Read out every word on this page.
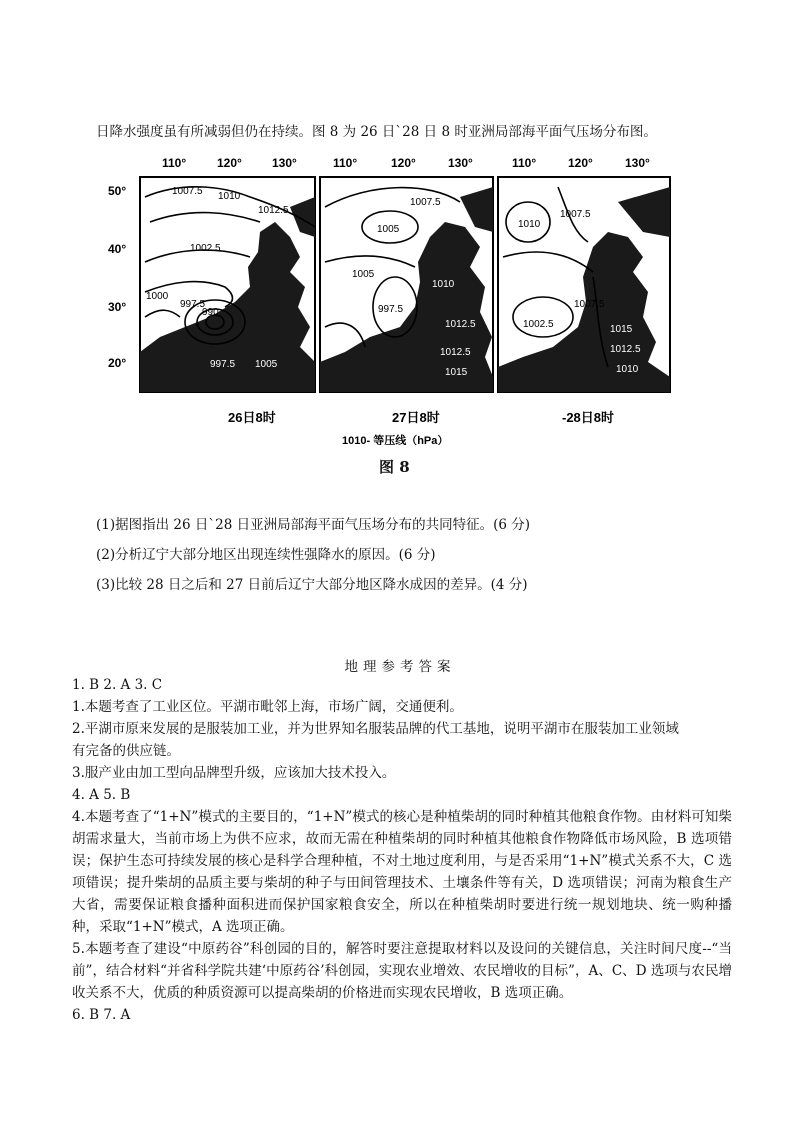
日降水强度虽有所减弱但仍在持续。图 8 为 26 日`28 日 8 时亚洲局部海平面气压场分布图。
110°	120°	130°	110°	120°	130°	110°	120°	130°
50°
40°
30°
20°
1007.5 1010
1012.5
1002.5
1000
997.5
990
997.5 1005
26日8时
1007.5
1005
1005
997.5
1010
1012.5
1012.5
1015
27日8时
1010- 等压线（hPa）
1010
1007.5
1002.5
1007.5
1015
1012.5
1010
-28日8时
图 8
(1)据图指出 26 日`28 日亚洲局部海平面气压场分布的共同特征。(6 分)
(2)分析辽宁大部分地区出现连续性强降水的原因。(6 分)
(3)比较 28 日之后和 27 日前后辽宁大部分地区降水成因的差异。(4 分)
地理参考答案

1. B 2. A 3. C

1.本题考查了工业区位。平湖市毗邻上海，市场广阔，交通便利。

2.平湖市原来发展的是服装加工业，并为世界知名服装品牌的代工基地，说明平湖市在服装加工业领域

有完备的供应链。

3.服产业由加工型向品牌型升级，应该加大技术投入。

4. A 5. B

4.本题考查了“1+N”模式的主要目的，“1+N”模式的核心是种植柴胡的同时种植其他粮食作物。由材料可知柴胡需求量大，当前市场上为供不应求，故而无需在种植柴胡的同时种植其他粮食作物降低市场风险，B 选项错误；保护生态可持续发展的核心是科学合理种植，不对土地过度利用，与是否采用“1+N”模式关系不大，C 选项错误；提升柴胡的品质主要与柴胡的种子与田间管理技术、土壤条件等有关，D 选项错误；河南为粮食生产大省，需要保证粮食播种面积进而保护国家粮食安全，所以在种植柴胡时要进行统一规划地块、统一购种播种，采取“1+N”模式，A 选项正确。

5.本题考查了建设“中原药谷”科创园的目的，解答时要注意提取材料以及设问的关键信息，关注时间尺度--“当前”，结合材料“并省科学院共建‘中原药谷’科创园，实现农业增效、农民增收的目标”，A、C、D 选项与农民增收关系不大，优质的种质资源可以提高柴胡的价格进而实现农民增收，B 选项正确。

6. B 7. A
